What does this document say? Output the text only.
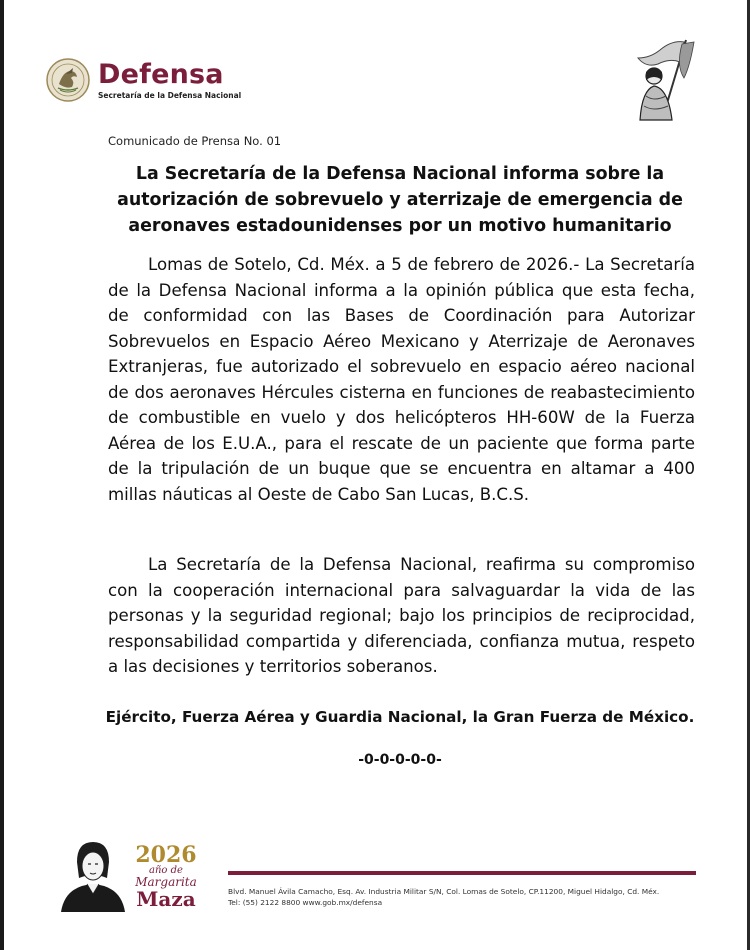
Defensa
Secretaría de la Defensa Nacional
Comunicado de Prensa No. 01
La Secretaría de la Defensa Nacional informa sobre la autorización de sobrevuelo y aterrizaje de emergencia de aeronaves estadounidenses por un motivo humanitario
Lomas de Sotelo, Cd. Méx. a 5 de febrero de 2026.- La Secretaría de la Defensa Nacional informa a la opinión pública que esta fecha, de conformidad con las Bases de Coordinación para Autorizar Sobrevuelos en Espacio Aéreo Mexicano y Aterrizaje de Aeronaves Extranjeras, fue autorizado el sobrevuelo en espacio aéreo nacional de dos aeronaves Hércules cisterna en funciones de reabastecimiento de combustible en vuelo y dos helicópteros HH-60W de la Fuerza Aérea de los E.U.A., para el rescate de un paciente que forma parte de la tripulación de un buque que se encuentra en altamar a 400 millas náuticas al Oeste de Cabo San Lucas, B.C.S.
La Secretaría de la Defensa Nacional, reafirma su compromiso con la cooperación internacional para salvaguardar la vida de las personas y la seguridad regional; bajo los principios de reciprocidad, responsabilidad compartida y diferenciada, confianza mutua, respeto a las decisiones y territorios soberanos.
Ejército, Fuerza Aérea y Guardia Nacional, la Gran Fuerza de México.
-0-0-0-0-0-
2026
año de
Margarita
Maza	Blvd. Manuel Ávila Camacho, Esq. Av. Industria Militar S/N, Col. Lomas de Sotelo, CP.11200, Miguel Hidalgo, Cd. Méx.
Tel: (55) 2122 8800 www.gob.mx/defensa
